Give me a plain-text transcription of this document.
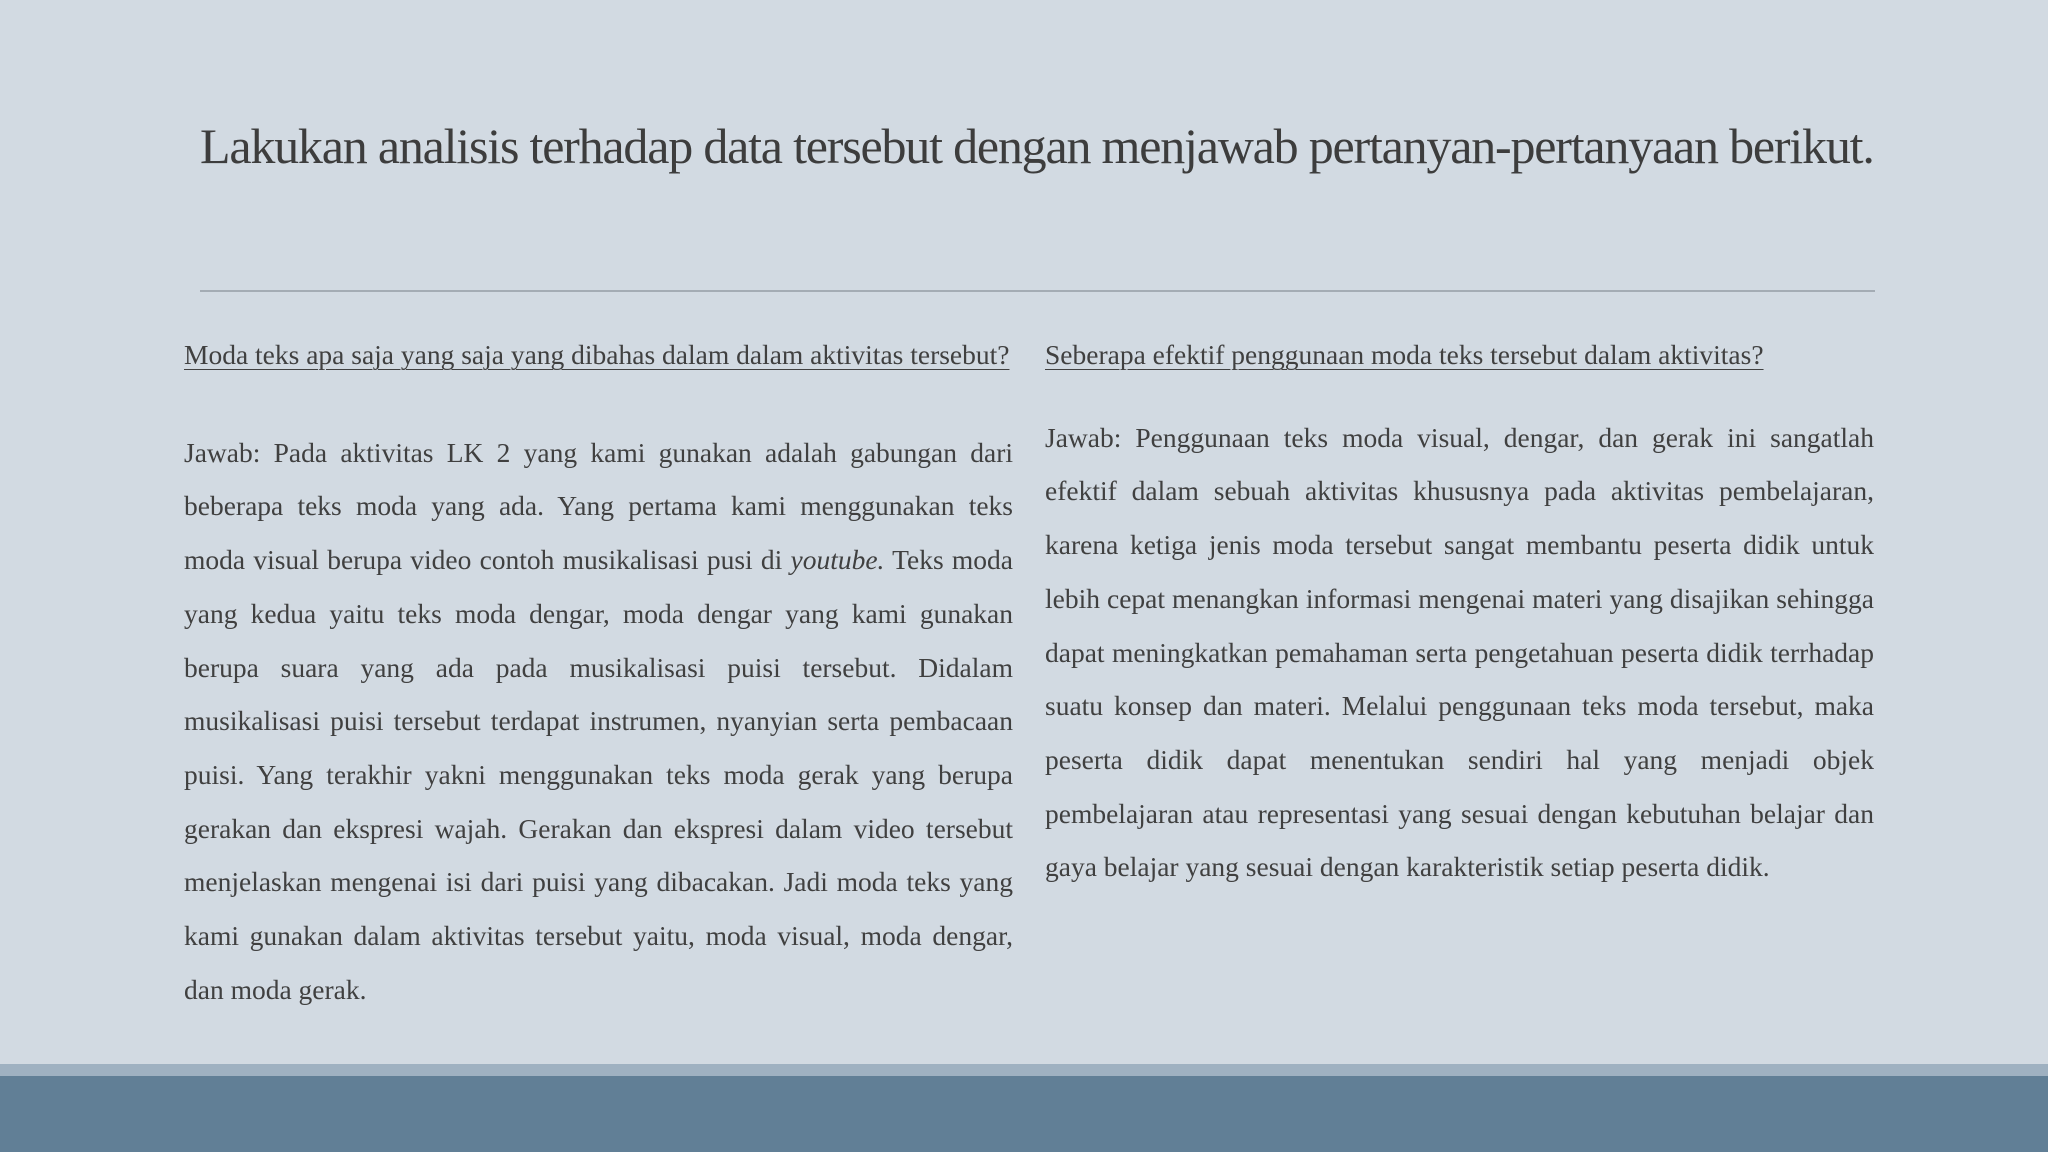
Lakukan analisis terhadap data tersebut dengan menjawab pertanyan-pertanyaan berikut.

Moda teks apa saja yang saja yang dibahas dalam dalam aktivitas tersebut?

Jawab: Pada aktivitas LK 2 yang kami gunakan adalah gabungan dari beberapa teks moda yang ada. Yang pertama kami menggunakan teks moda visual berupa video contoh musikalisasi pusi di youtube. Teks moda yang kedua yaitu teks moda dengar, moda dengar yang kami gunakan berupa suara yang ada pada musikalisasi puisi tersebut. Didalam musikalisasi puisi tersebut terdapat instrumen, nyanyian serta pembacaan puisi. Yang terakhir yakni menggunakan teks moda gerak yang berupa gerakan dan ekspresi wajah. Gerakan dan ekspresi dalam video tersebut menjelaskan mengenai isi dari puisi yang dibacakan. Jadi moda teks yang kami gunakan dalam aktivitas tersebut yaitu, moda visual, moda dengar, dan moda gerak.

Seberapa efektif penggunaan moda teks tersebut dalam aktivitas?

Jawab: Penggunaan teks moda visual, dengar, dan gerak ini sangatlah efektif dalam sebuah aktivitas khususnya pada aktivitas pembelajaran, karena ketiga jenis moda tersebut sangat membantu peserta didik untuk lebih cepat menangkan informasi mengenai materi yang disajikan sehingga dapat meningkatkan pemahaman serta pengetahuan peserta didik terrhadap suatu konsep dan materi. Melalui penggunaan teks moda tersebut, maka peserta didik dapat menentukan sendiri hal yang menjadi objek pembelajaran atau representasi yang sesuai dengan kebutuhan belajar dan gaya belajar yang sesuai dengan karakteristik setiap peserta didik.
